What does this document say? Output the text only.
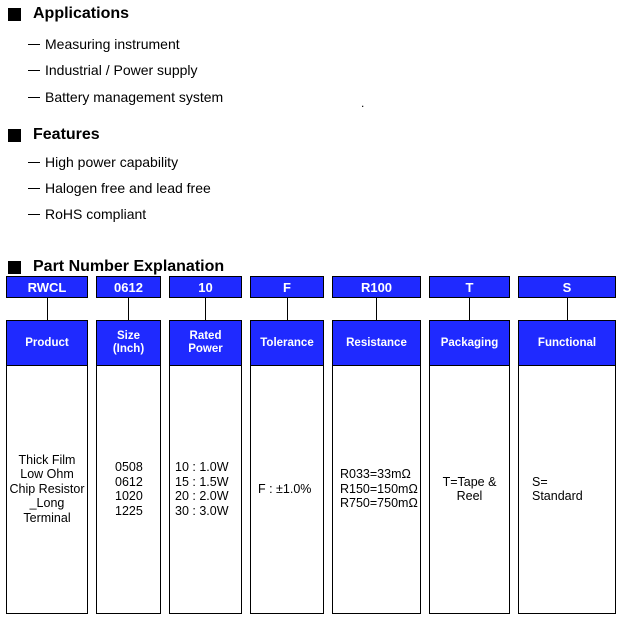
Applications
Measuring instrument
Industrial / Power supply
Battery management system	.
Features
High power capability
Halogen free and lead free
RoHS compliant
Part Number Explanation
RWCL
Product
Thick Film
Low Ohm
Chip Resistor
_Long
Terminal
0612
Size
(Inch)
0508
0612
1020
1225
10
Rated
Power
10 : 1.0W
15 : 1.5W
20 : 2.0W
30 : 3.0W
F
Tolerance
F : ±1.0%
R100
Resistance
R033=33mΩ
R150=150mΩ
R750=750mΩ
T
Packaging
T=Tape &
Reel
S
Functional
S=
Standard
